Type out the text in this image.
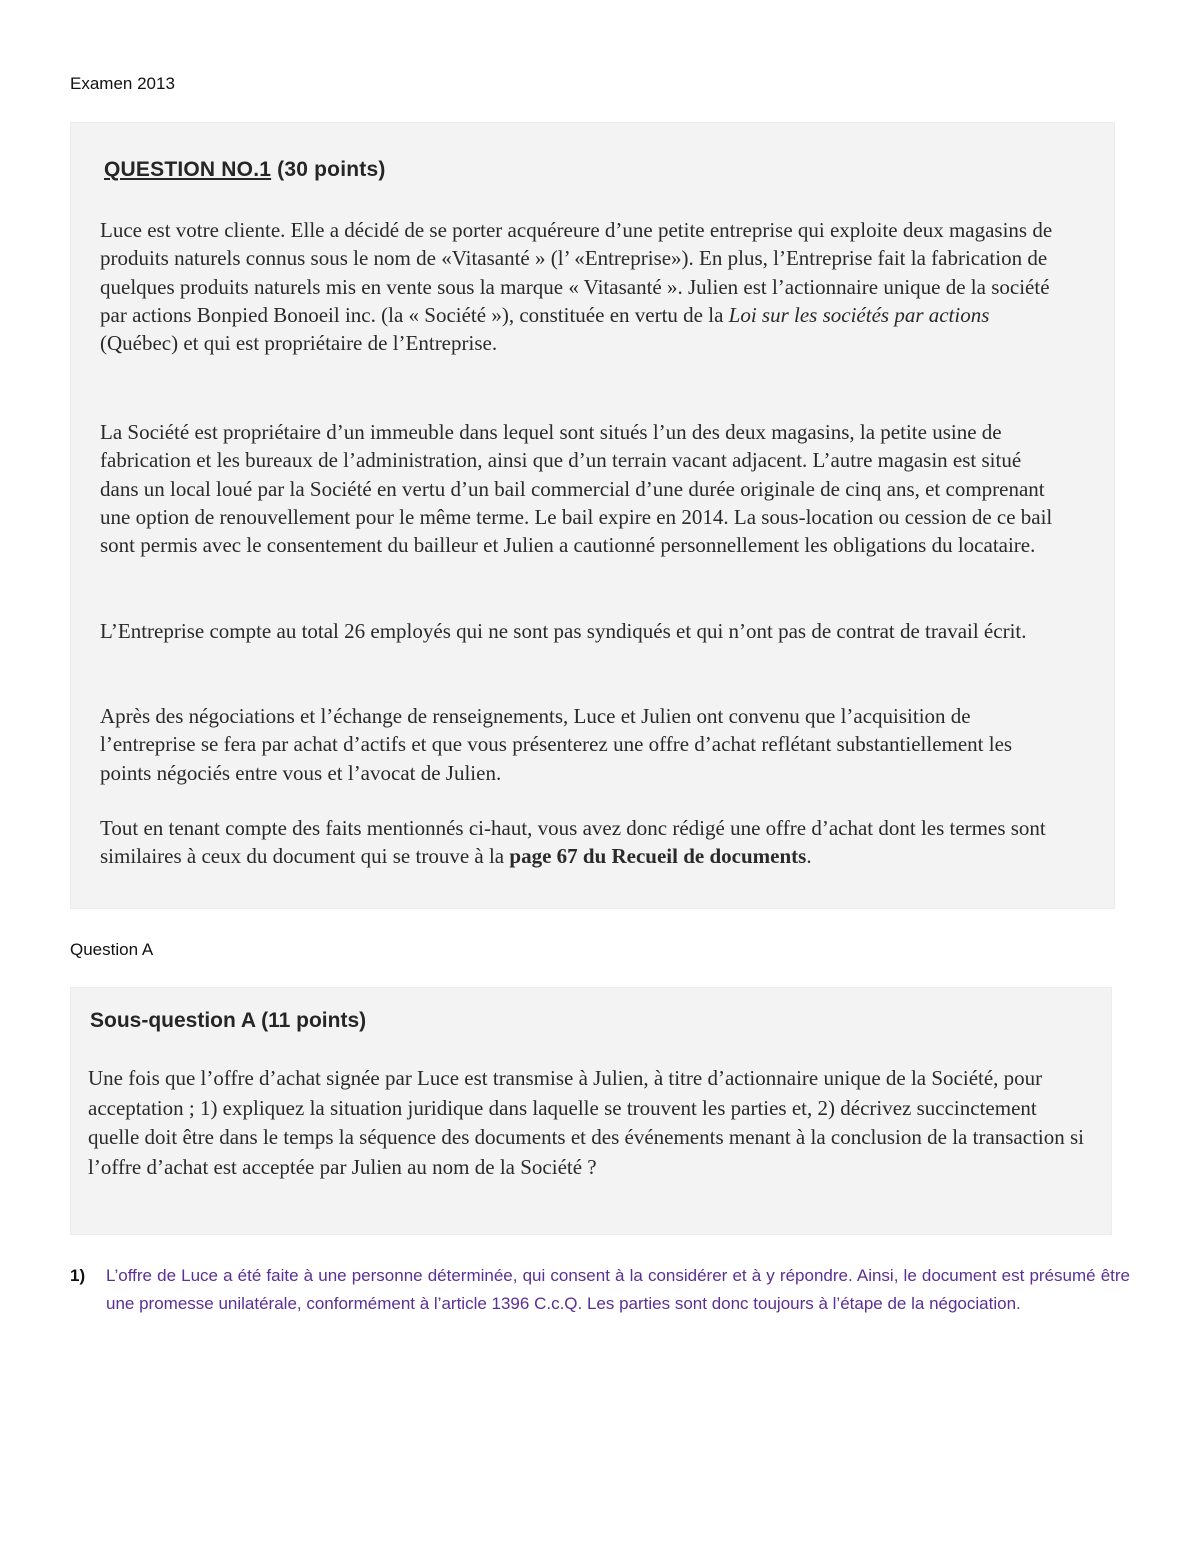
Examen 2013
QUESTION NO.1 (30 points)

Luce est votre cliente. Elle a décidé de se porter acquéreure d’une petite entreprise qui exploite deux magasins de produits naturels connus sous le nom de «Vitasanté » (l’ «Entreprise»). En plus, l’Entreprise fait la fabrication de quelques produits naturels mis en vente sous la marque « Vitasanté ». Julien est l’actionnaire unique de la société par actions Bonpied Bonoeil inc. (la « Société »), constituée en vertu de la Loi sur les sociétés par actions (Québec) et qui est propriétaire de l’Entreprise.

La Société est propriétaire d’un immeuble dans lequel sont situés l’un des deux magasins, la petite usine de fabrication et les bureaux de l’administration, ainsi que d’un terrain vacant adjacent. L’autre magasin est situé dans un local loué par la Société en vertu d’un bail commercial d’une durée originale de cinq ans, et comprenant une option de renouvellement pour le même terme. Le bail expire en 2014. La sous-location ou cession de ce bail sont permis avec le consentement du bailleur et Julien a cautionné personnellement les obligations du locataire.

L’Entreprise compte au total 26 employés qui ne sont pas syndiqués et qui n’ont pas de contrat de travail écrit.

Après des négociations et l’échange de renseignements, Luce et Julien ont convenu que l’acquisition de l’entreprise se fera par achat d’actifs et que vous présenterez une offre d’achat reflétant substantiellement les points négociés entre vous et l’avocat de Julien.

Tout en tenant compte des faits mentionnés ci-haut, vous avez donc rédigé une offre d’achat dont les termes sont similaires à ceux du document qui se trouve à la page 67 du Recueil de documents.

Question A
Sous-question A (11 points)

Une fois que l’offre d’achat signée par Luce est transmise à Julien, à titre d’actionnaire unique de la Société, pour acceptation ; 1) expliquez la situation juridique dans laquelle se trouvent les parties et, 2) décrivez succinctement quelle doit être dans le temps la séquence des documents et des événements menant à la conclusion de la transaction si l’offre d’achat est acceptée par Julien au nom de la Société ?

1) L’offre de Luce a été faite à une personne déterminée, qui consent à la considérer et à y répondre. Ainsi, le document est présumé être une promesse unilatérale, conformément à l’article 1396 C.c.Q. Les parties sont donc toujours à l’étape de la négociation.
